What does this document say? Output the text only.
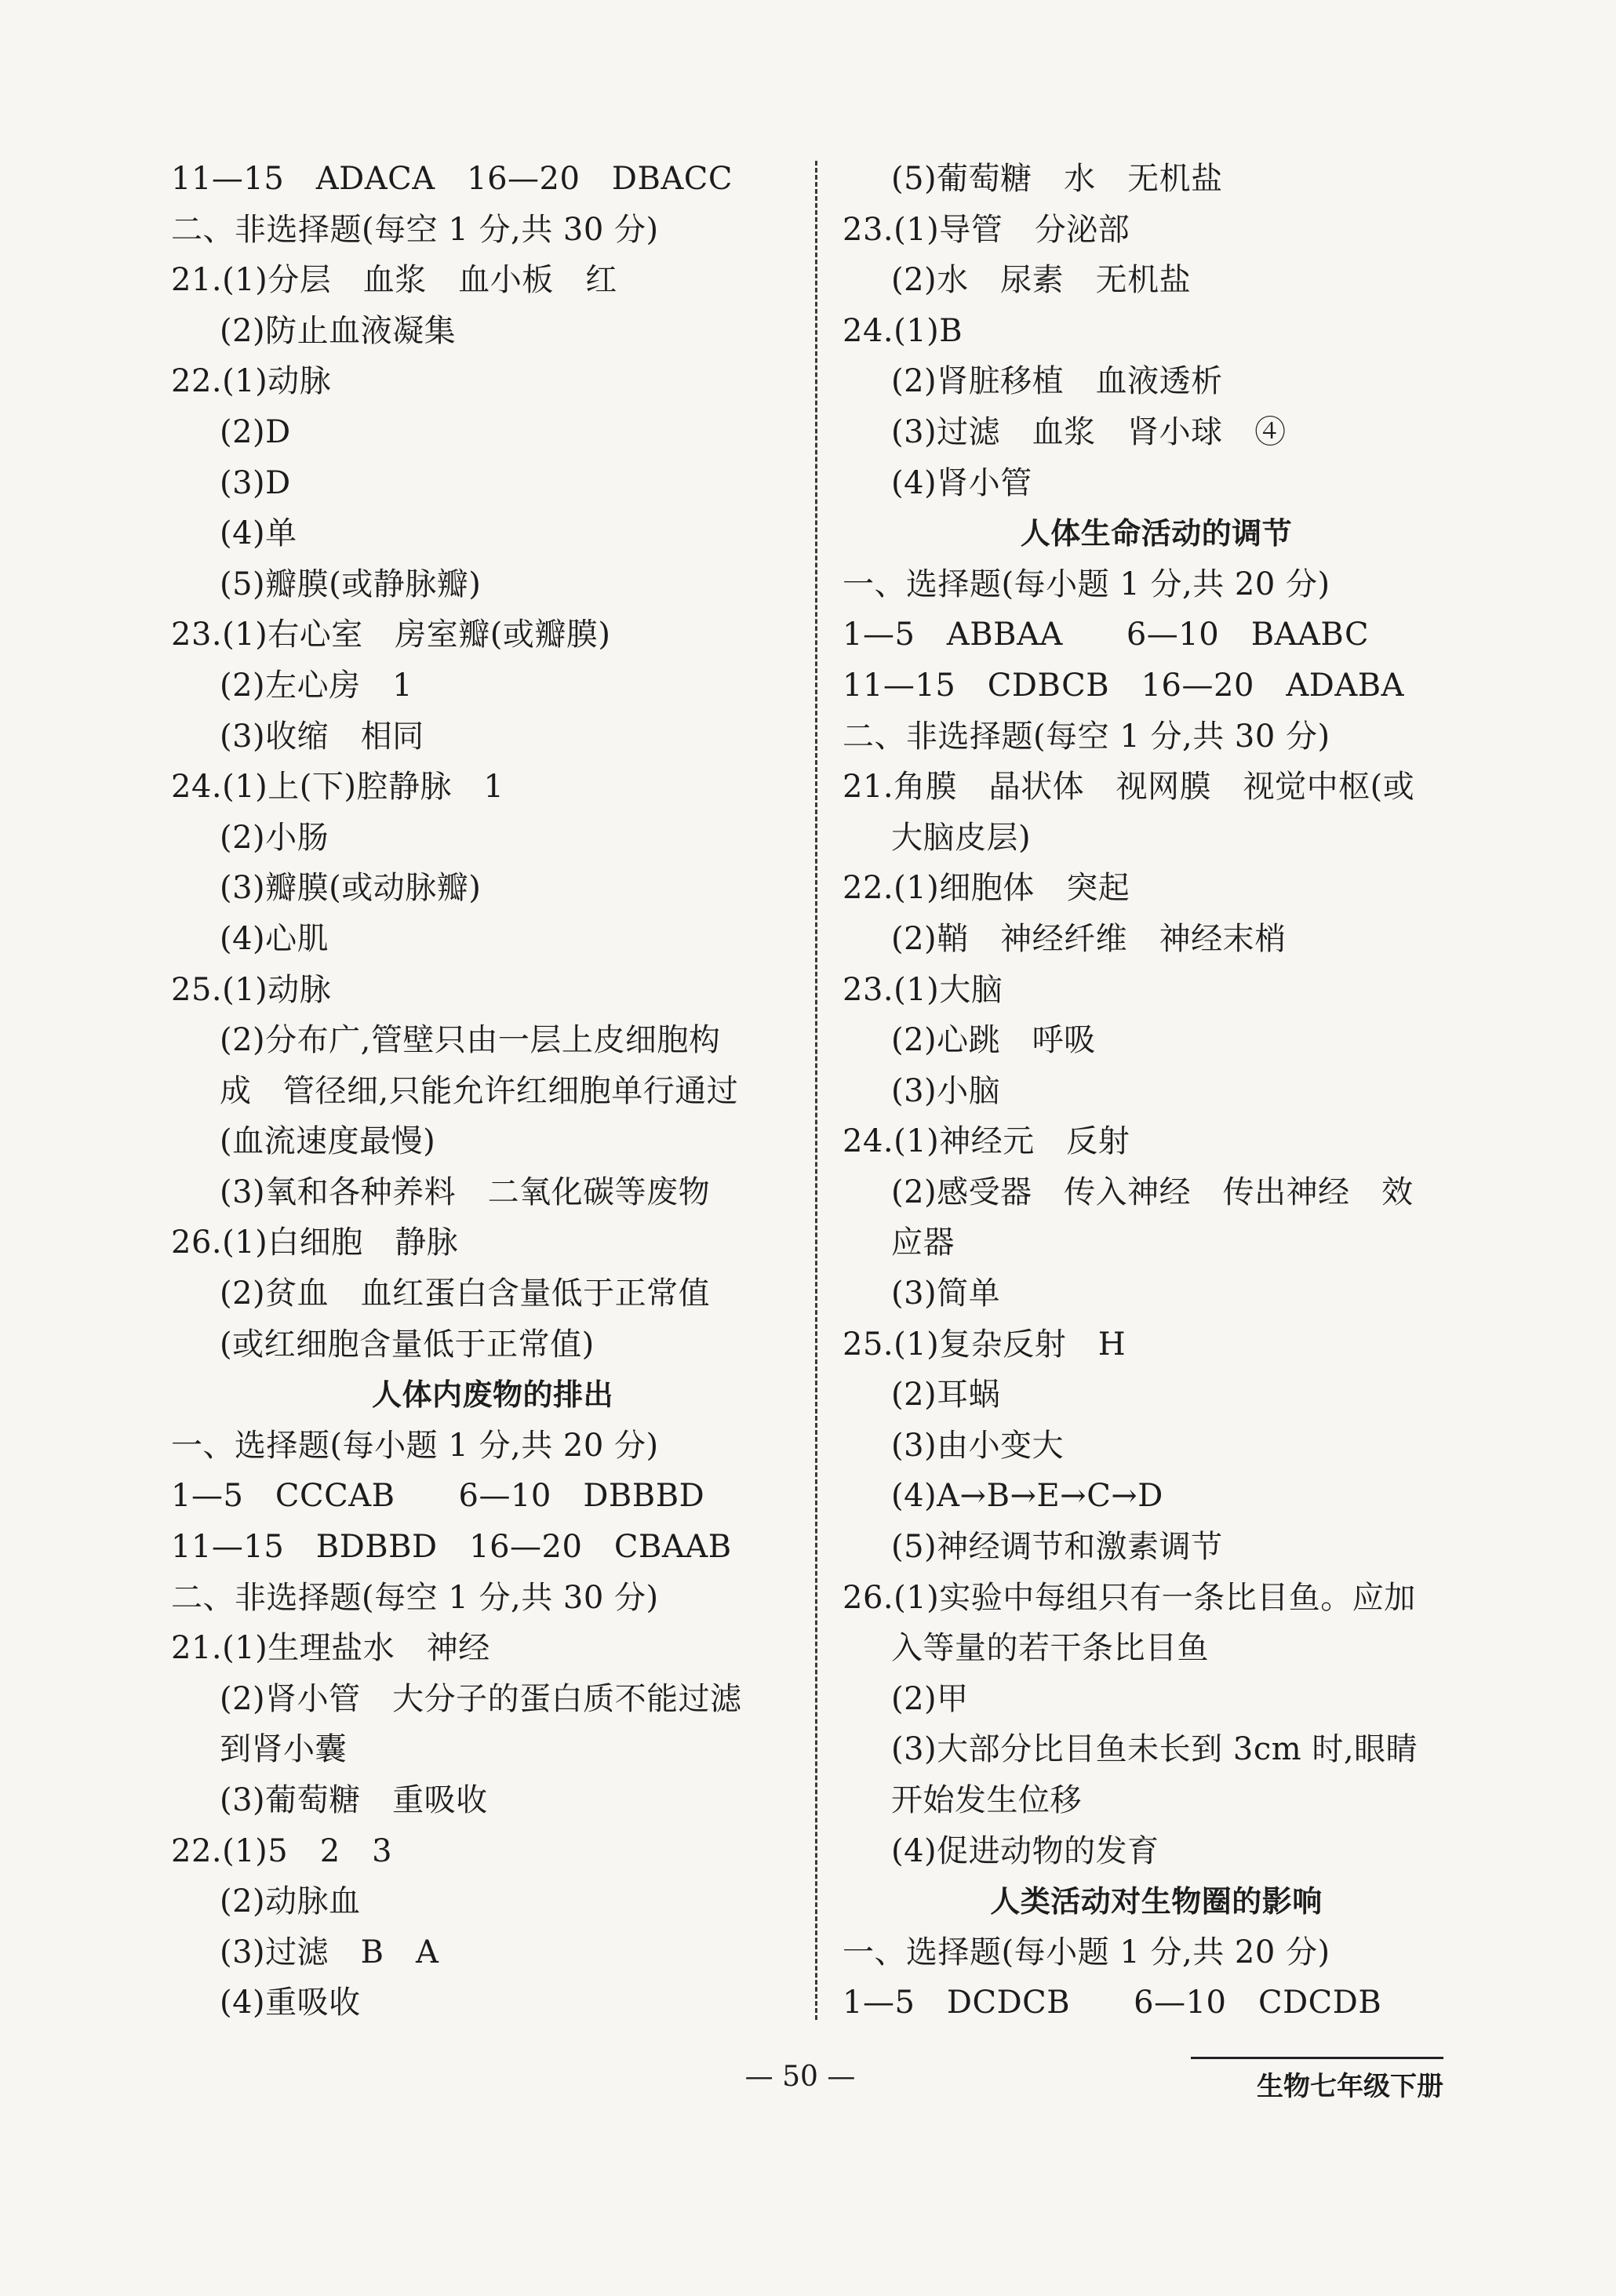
11—15　ADACA　16—20　DBACC
二、非选择题(每空 1 分,共 30 分)
21.(1)分层　血浆　血小板　红
(2)防止血液凝集
22.(1)动脉
(2)D
(3)D
(4)单
(5)瓣膜(或静脉瓣)
23.(1)右心室　房室瓣(或瓣膜)
(2)左心房　1
(3)收缩　相同
24.(1)上(下)腔静脉　1
(2)小肠
(3)瓣膜(或动脉瓣)
(4)心肌
25.(1)动脉
(2)分布广,管壁只由一层上皮细胞构
成　管径细,只能允许红细胞单行通过
(血流速度最慢)
(3)氧和各种养料　二氧化碳等废物
26.(1)白细胞　静脉
(2)贫血　血红蛋白含量低于正常值
(或红细胞含量低于正常值)
人体内废物的排出
一、选择题(每小题 1 分,共 20 分)
1—5　CCCAB　　6—10　DBBBD
11—15　BDBBD　16—20　CBAAB
二、非选择题(每空 1 分,共 30 分)
21.(1)生理盐水　神经
(2)肾小管　大分子的蛋白质不能过滤
到肾小囊
(3)葡萄糖　重吸收
22.(1)5　2　3
(2)动脉血
(3)过滤　B　A
(4)重吸收
(5)葡萄糖　水　无机盐
23.(1)导管　分泌部
(2)水　尿素　无机盐
24.(1)B
(2)肾脏移植　血液透析
(3)过滤　血浆　肾小球　④
(4)肾小管
人体生命活动的调节
一、选择题(每小题 1 分,共 20 分)
1—5　ABBAA　　6—10　BAABC
11—15　CDBCB　16—20　ADABA
二、非选择题(每空 1 分,共 30 分)
21.角膜　晶状体　视网膜　视觉中枢(或
大脑皮层)
22.(1)细胞体　突起
(2)鞘　神经纤维　神经末梢
23.(1)大脑
(2)心跳　呼吸
(3)小脑
24.(1)神经元　反射
(2)感受器　传入神经　传出神经　效
应器
(3)简单
25.(1)复杂反射　H
(2)耳蜗
(3)由小变大
(4)A→B→E→C→D
(5)神经调节和激素调节
26.(1)实验中每组只有一条比目鱼。应加
入等量的若干条比目鱼
(2)甲
(3)大部分比目鱼未长到 3cm 时,眼睛
开始发生位移
(4)促进动物的发育
人类活动对生物圈的影响
一、选择题(每小题 1 分,共 20 分)
1—5　DCDCB　　6—10　CDCDB
— 50 —	生物七年级下册
